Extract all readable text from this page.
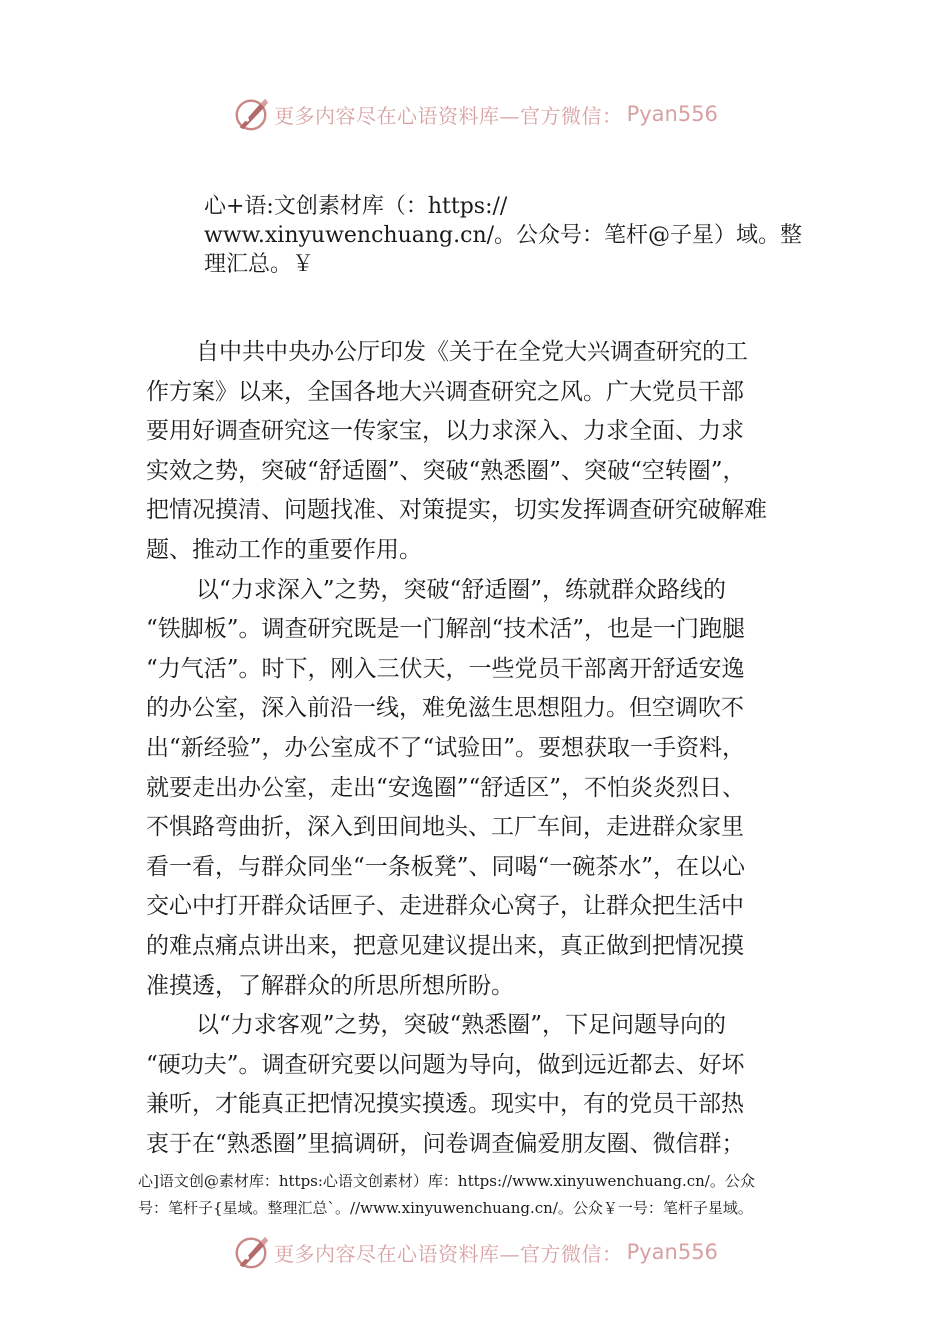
更多内容尽在心语资料库—官方微信： Pyan556
心+语:文创素材库（：https://
www.xinyuwenchuang.cn/。公众号：笔杆@子星）域。整
理汇总。￥
自中共中央办公厅印发《关于在全党大兴调查研究的工
作方案》以来，全国各地大兴调查研究之风。广大党员干部
要用好调查研究这一传家宝，以力求深入、力求全面、力求
实效之势，突破“舒适圈”、突破“熟悉圈”、突破“空转圈”，
把情况摸清、问题找准、对策提实，切实发挥调查研究破解难
题、推动工作的重要作用。
以“力求深入”之势，突破“舒适圈”，练就群众路线的
“铁脚板”。调查研究既是一门解剖“技术活”，也是一门跑腿
“力气活”。时下，刚入三伏天，一些党员干部离开舒适安逸
的办公室，深入前沿一线，难免滋生思想阻力。但空调吹不
出“新经验”，办公室成不了“试验田”。要想获取一手资料，
就要走出办公室，走出“安逸圈”“舒适区”，不怕炎炎烈日、
不惧路弯曲折，深入到田间地头、工厂车间，走进群众家里
看一看，与群众同坐“一条板凳”、同喝“一碗茶水”，在以心
交心中打开群众话匣子、走进群众心窝子，让群众把生活中
的难点痛点讲出来，把意见建议提出来，真正做到把情况摸
准摸透，了解群众的所思所想所盼。
以“力求客观”之势，突破“熟悉圈”，下足问题导向的
“硬功夫”。调查研究要以问题为导向，做到远近都去、好坏
兼听，才能真正把情况摸实摸透。现实中，有的党员干部热
衷于在“熟悉圈”里搞调研，问卷调查偏爱朋友圈、微信群；
心]语文创@素材库：https:心语文创素材）库：https://www.xinyuwenchuang.cn/。公众
号：笔杆子{星域。整理汇总`。//www.xinyuwenchuang.cn/。公众￥一号：笔杆子星域。
更多内容尽在心语资料库—官方微信： Pyan556
